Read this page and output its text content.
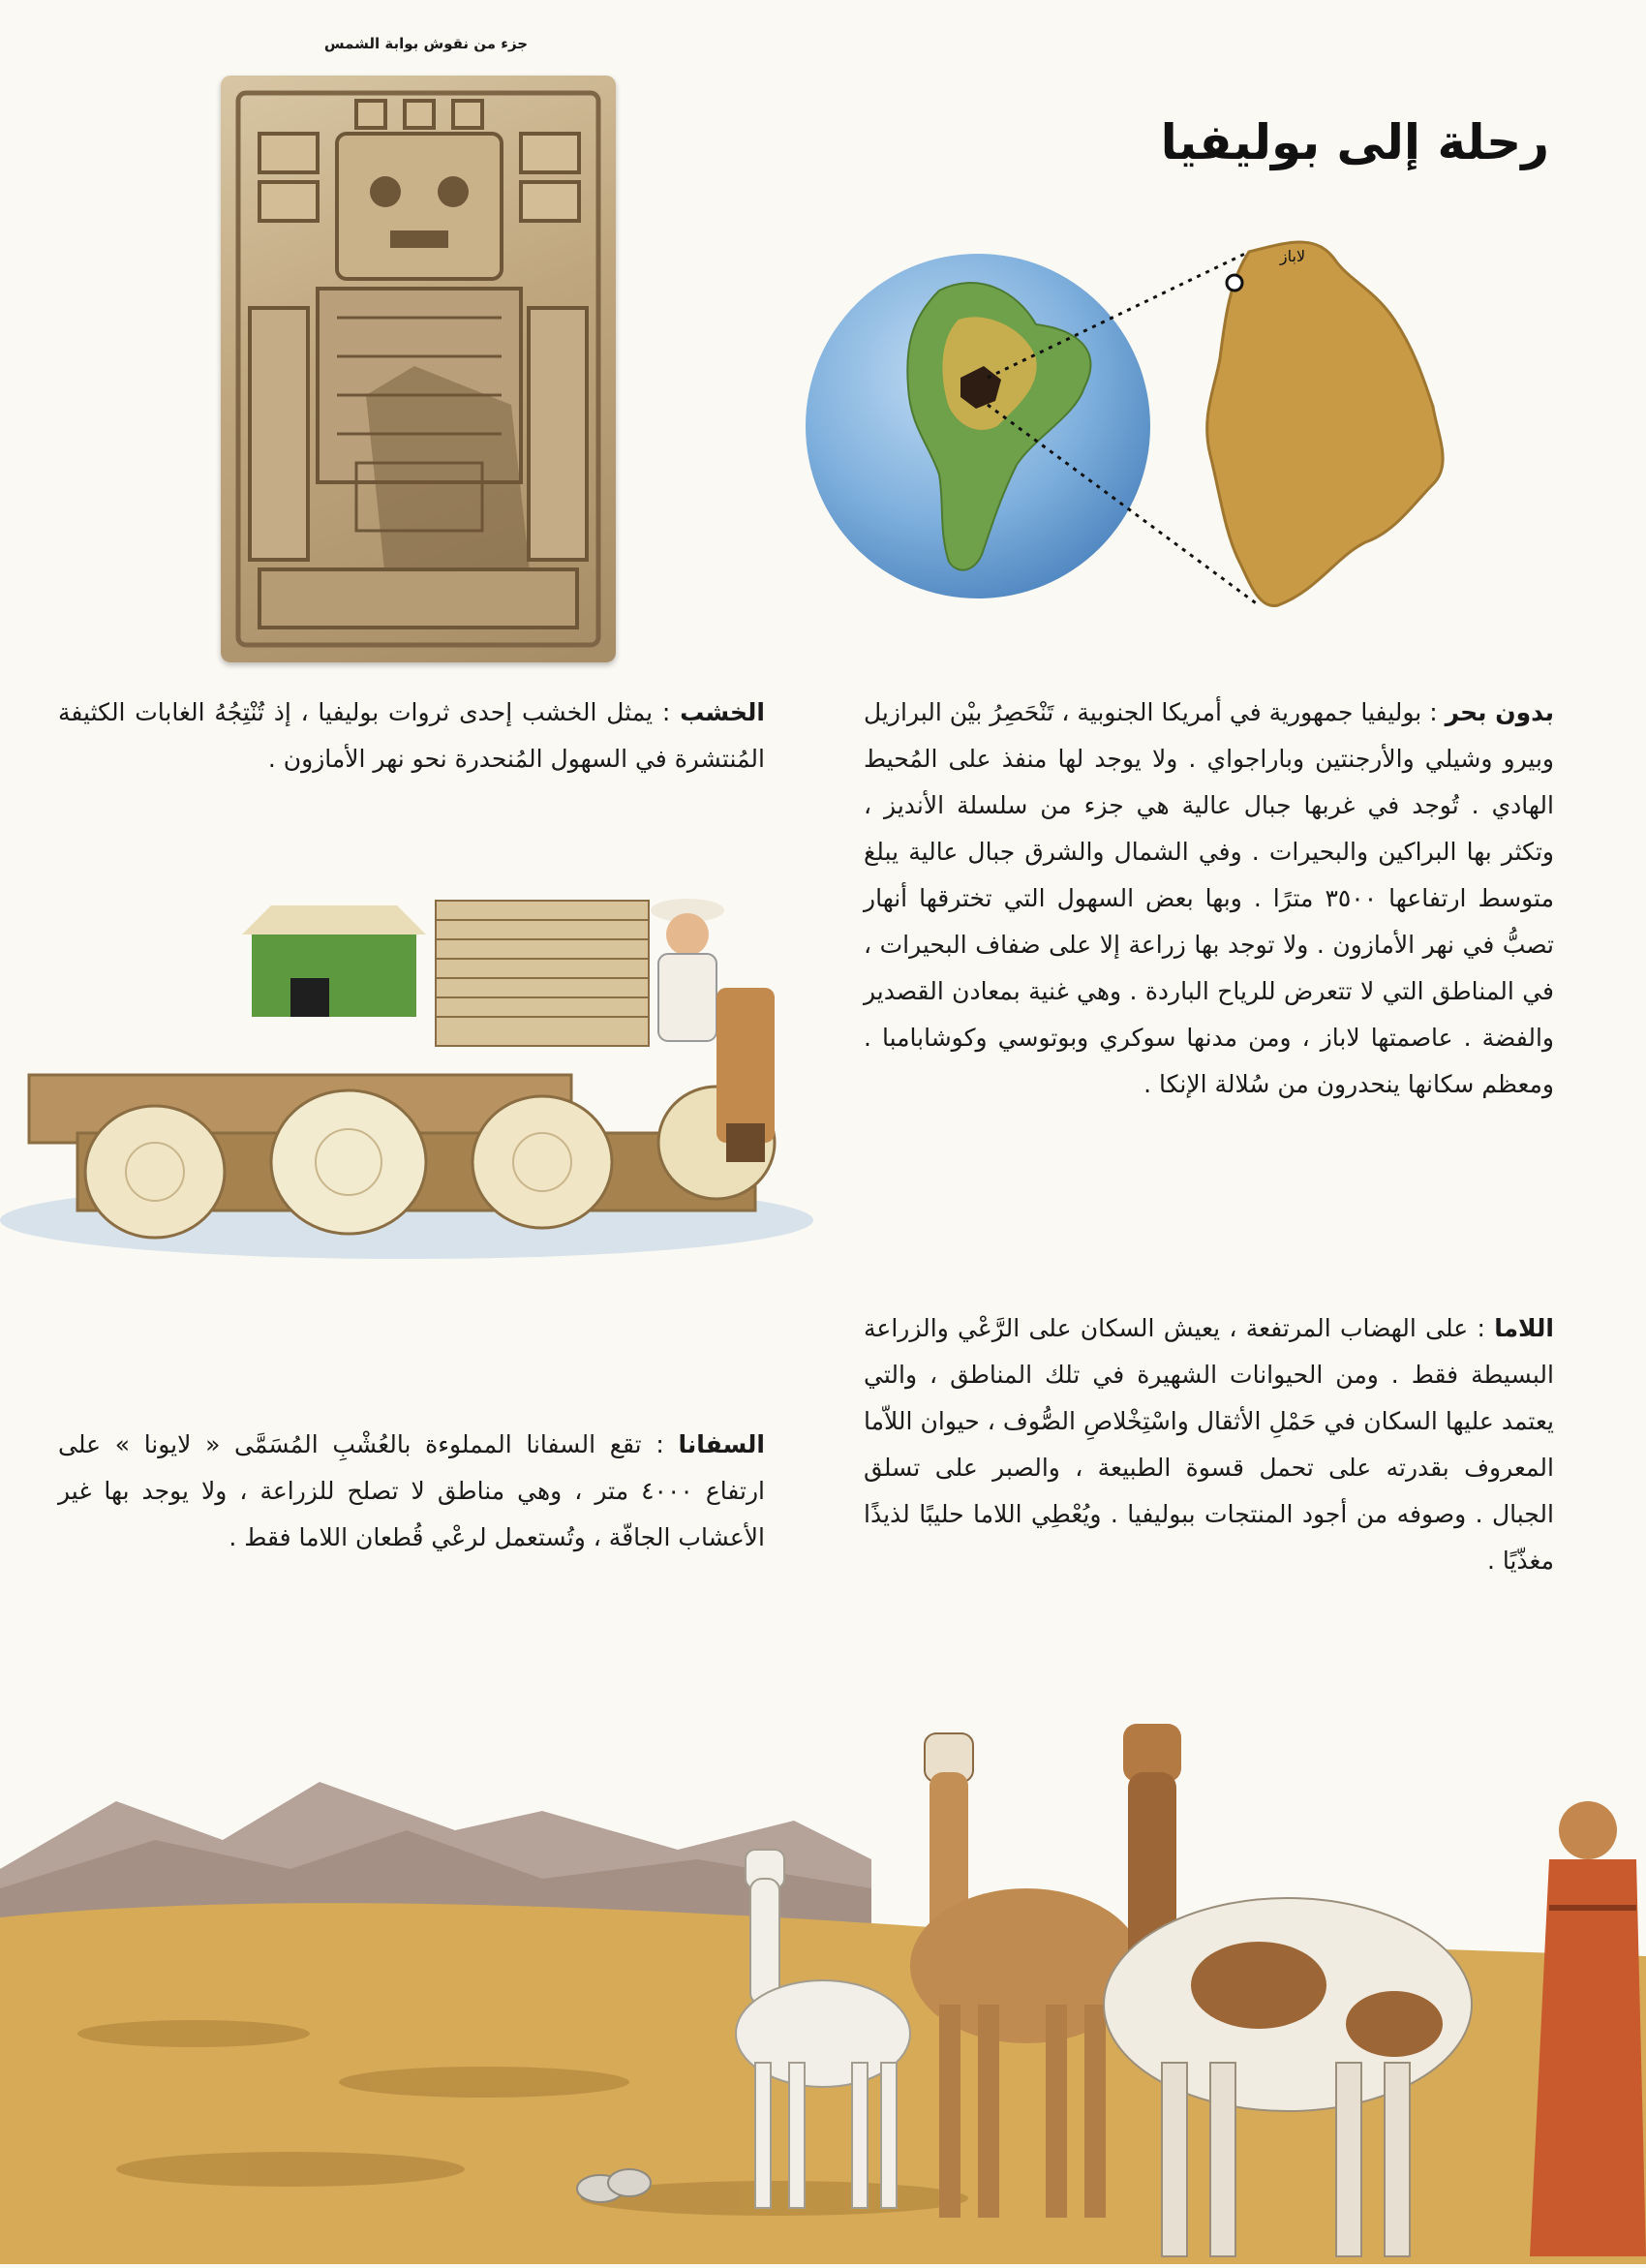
جزء من نقوش بوابة الشمس
رحلة إلى بوليفيا
لاباز

بدون بحر : بوليفيا جمهورية في أمريكا الجنوبية ، تَنْحَصِرُ بيْن البرازيل وبيرو وشيلي والأرجنتين وباراجواي . ولا يوجد لها منفذ على المُحيط الهادي . تُوجد في غربها جبال عالية هي جزء من سلسلة الأنديز ، وتكثر بها البراكين والبحيرات . وفي الشمال والشرق جبال عالية يبلغ متوسط ارتفاعها ٣٥٠٠ مترًا . وبها بعض السهول التي تخترقها أنهار تصبُّ في نهر الأمازون . ولا توجد بها زراعة إلا على ضفاف البحيرات ، في المناطق التي لا تتعرض للرياح الباردة . وهي غنية بمعادن القصدير والفضة . عاصمتها لاباز ، ومن مدنها سوكري وبوتوسي وكوشابامبا . ومعظم سكانها ينحدرون من سُلالة الإنكا .

اللاما : على الهضاب المرتفعة ، يعيش السكان على الرَّعْي والزراعة البسيطة فقط . ومن الحيوانات الشهيرة في تلك المناطق ، والتي يعتمد عليها السكان في حَمْلِ الأثقال واسْتِخْلاصِ الصُّوف ، حيوان اللاّما المعروف بقدرته على تحمل قسوة الطبيعة ، والصبر على تسلق الجبال . وصوفه من أجود المنتجات ببوليفيا . ويُعْطِي اللاما حليبًا لذيذًا مغذّيًا .

الخشب : يمثل الخشب إحدى ثروات بوليفيا ، إذ تُنْتِجُهُ الغابات الكثيفة المُنتشرة في السهول المُنحدرة نحو نهر الأمازون .

السفانا : تقع السفانا المملوءة بالعُشْبِ المُسَمَّى « لايونا » على ارتفاع ٤٠٠٠ متر ، وهي مناطق لا تصلح للزراعة ، ولا يوجد بها غير الأعشاب الجافّة ، وتُستعمل لرعْي قُطعان اللاما فقط .
